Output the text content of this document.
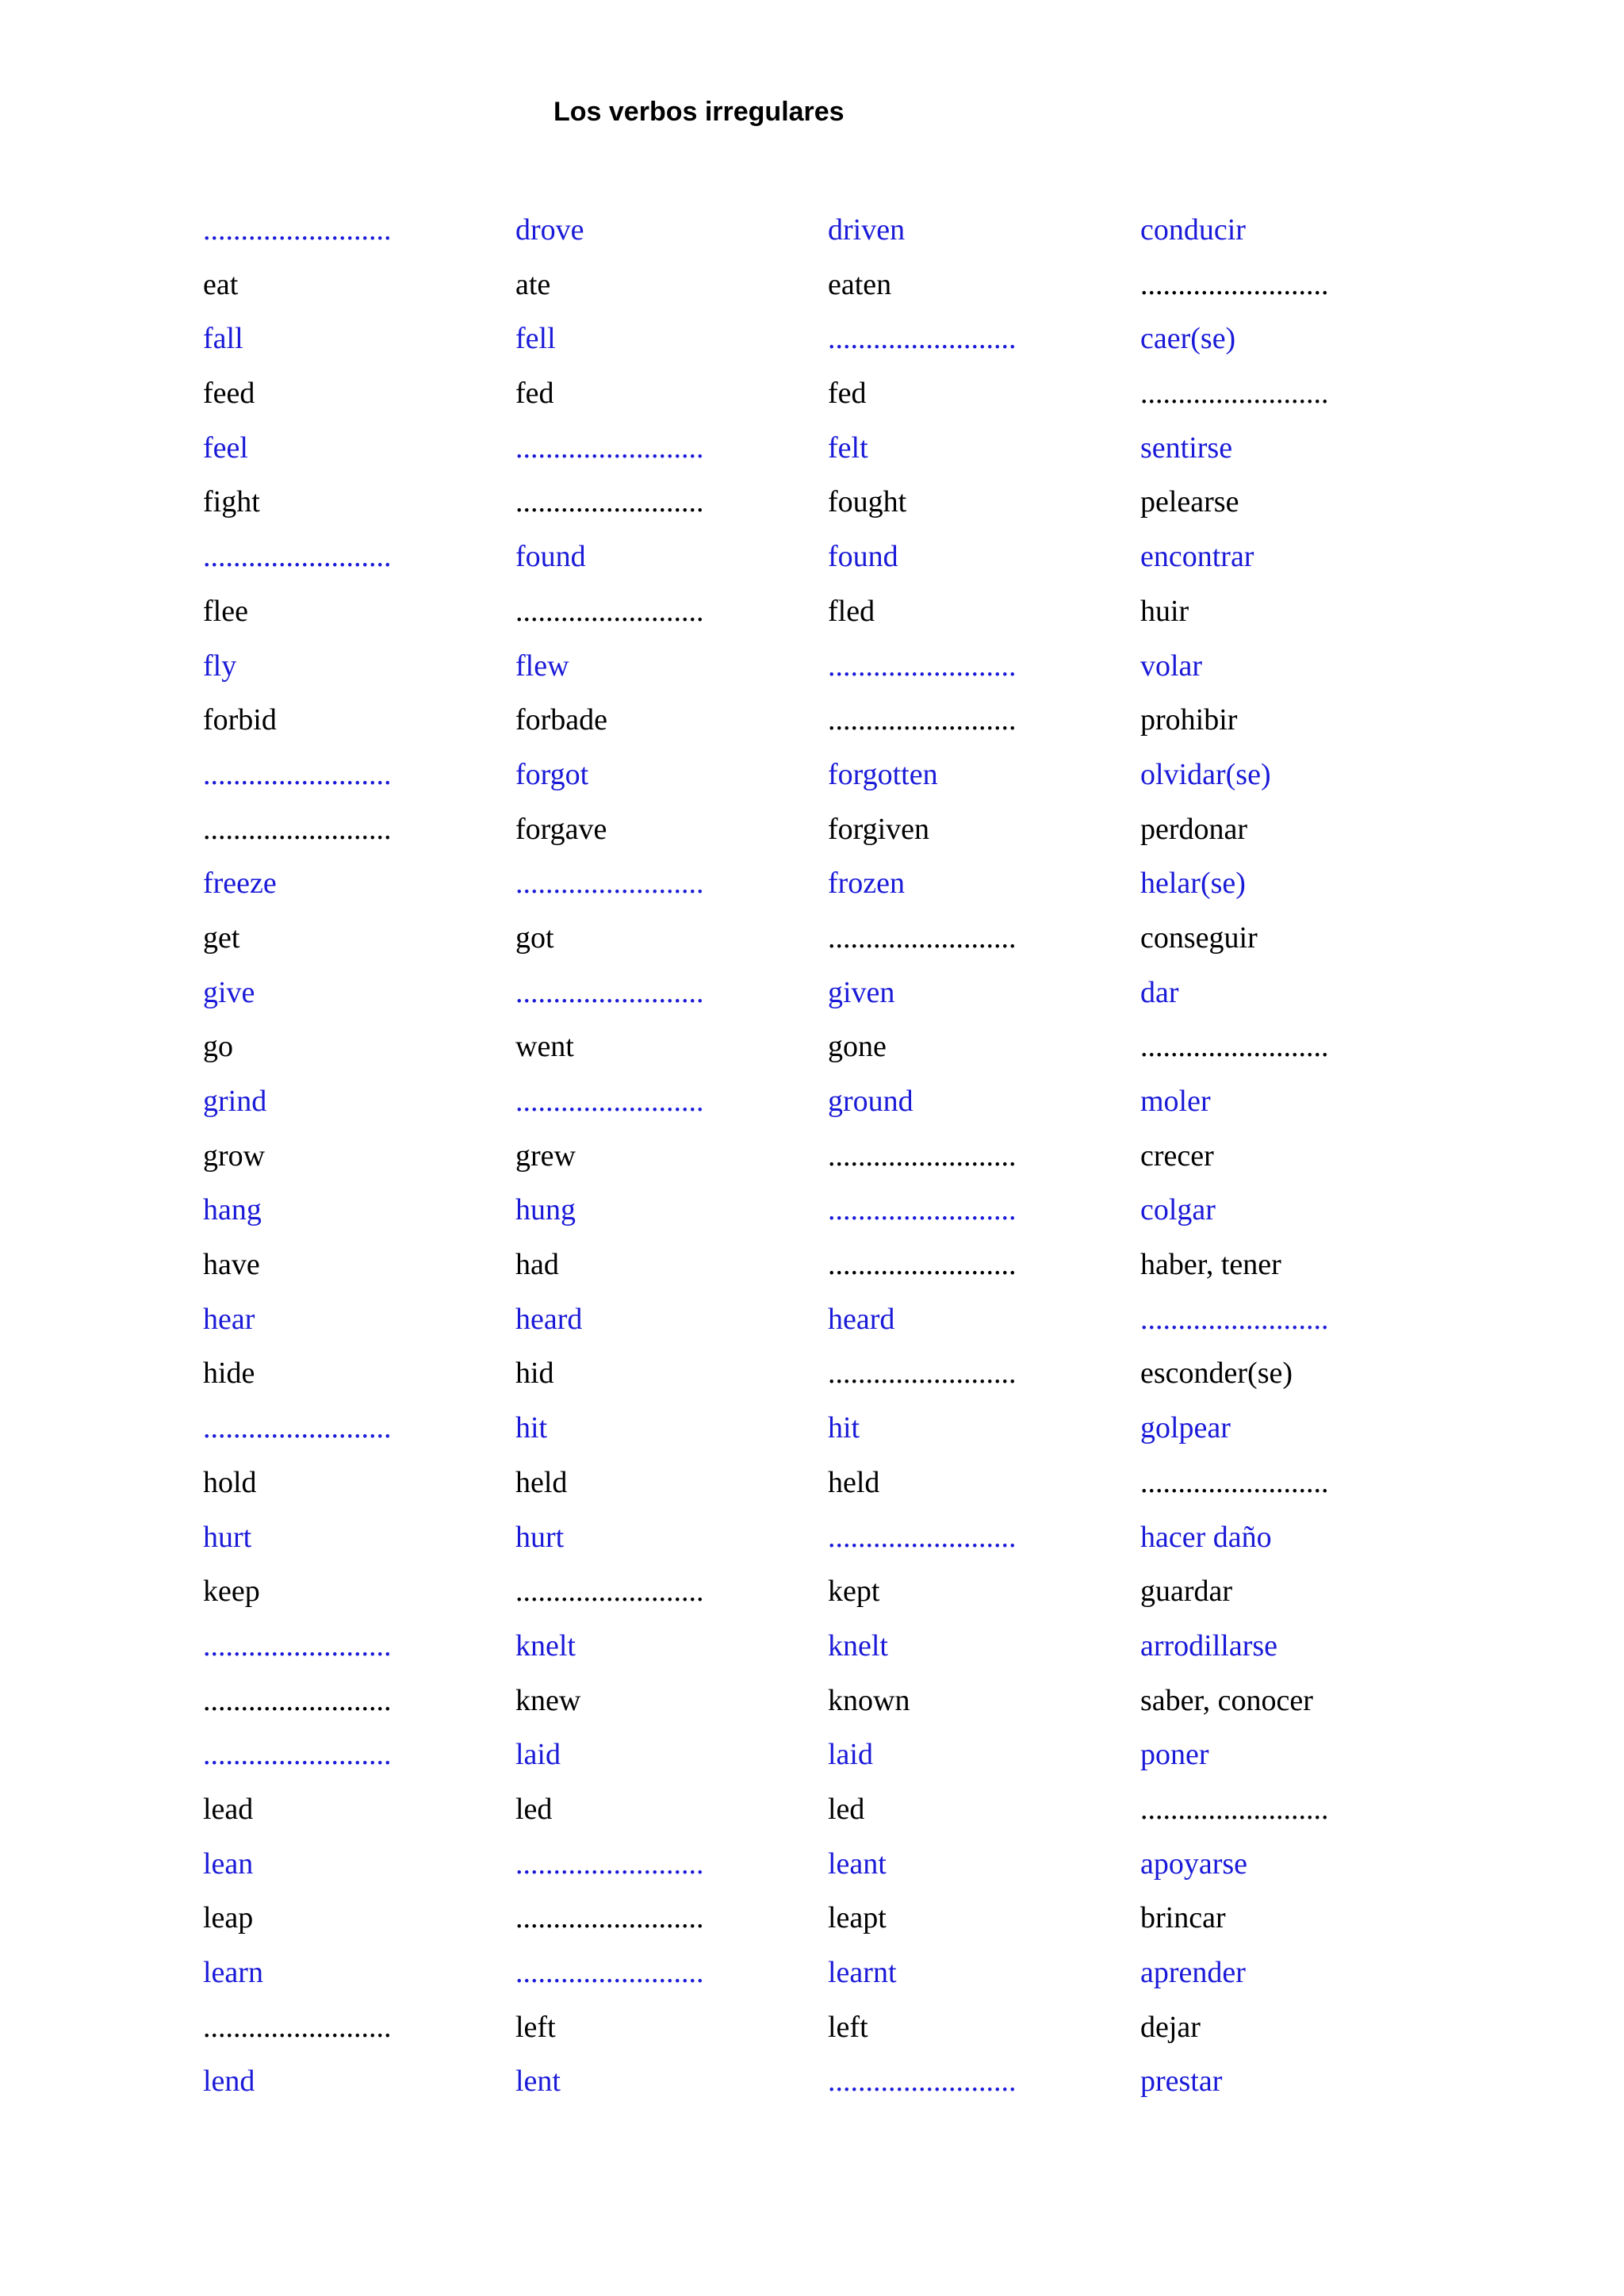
Los verbos irregulares
.........................	drove	driven	conducir
eat	ate	eaten	.........................
fall	fell	.........................	caer(se)
feed	fed	fed	.........................
feel	.........................	felt	sentirse
fight	.........................	fought	pelearse
.........................	found	found	encontrar
flee	.........................	fled	huir
fly	flew	.........................	volar
forbid	forbade	.........................	prohibir
.........................	forgot	forgotten	olvidar(se)
.........................	forgave	forgiven	perdonar
freeze	.........................	frozen	helar(se)
get	got	.........................	conseguir
give	.........................	given	dar
go	went	gone	.........................
grind	.........................	ground	moler
grow	grew	.........................	crecer
hang	hung	.........................	colgar
have	had	.........................	haber, tener
hear	heard	heard	.........................
hide	hid	.........................	esconder(se)
.........................	hit	hit	golpear
hold	held	held	.........................
hurt	hurt	.........................	hacer daño
keep	.........................	kept	guardar
.........................	knelt	knelt	arrodillarse
.........................	knew	known	saber, conocer
.........................	laid	laid	poner
lead	led	led	.........................
lean	.........................	leant	apoyarse
leap	.........................	leapt	brincar
learn	.........................	learnt	aprender
.........................	left	left	dejar
lend	lent	.........................	prestar
